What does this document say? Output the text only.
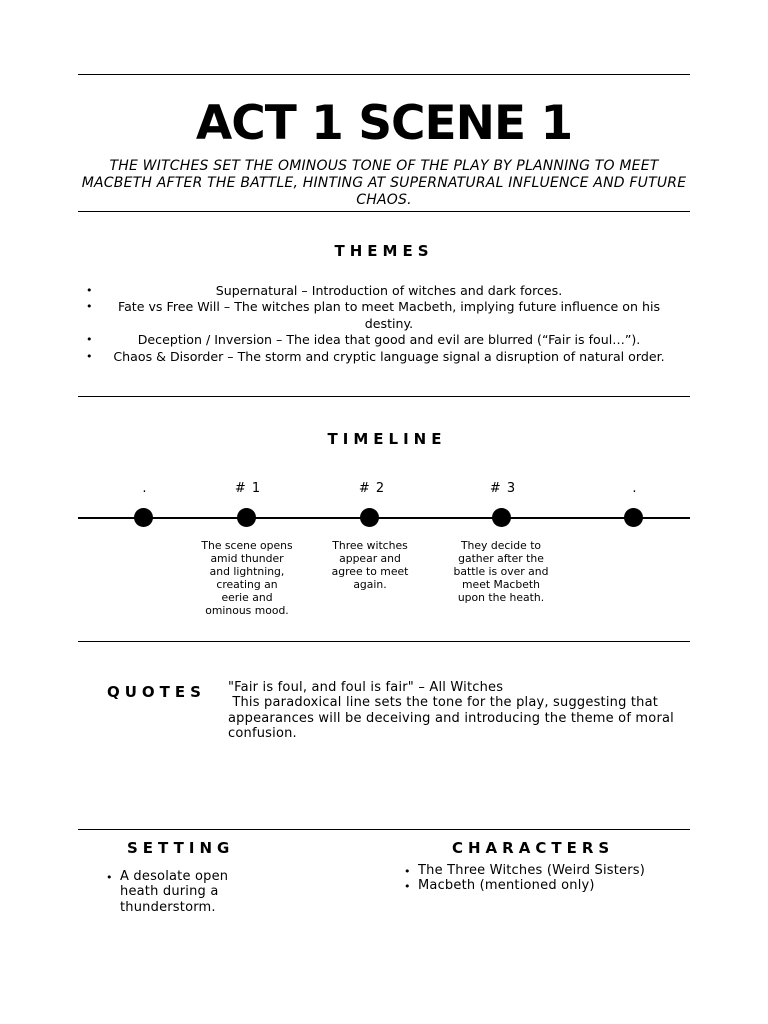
ACT 1 SCENE 1

THE WITCHES SET THE OMINOUS TONE OF THE PLAY BY PLANNING TO MEET MACBETH AFTER THE BATTLE, HINTING AT SUPERNATURAL INFLUENCE AND FUTURE CHAOS.

THEMES
• Supernatural – Introduction of witches and dark forces.
• Fate vs Free Will – The witches plan to meet Macbeth, implying future influence on his destiny.
• Deception / Inversion – The idea that good and evil are blurred (“Fair is foul…”).
• Chaos & Disorder – The storm and cryptic language signal a disruption of natural order.
TIMELINE
.	# 1	# 2	# 3	.
The scene opens amid thunder and lightning, creating an eerie and ominous mood.
Three witches appear and agree to meet again.
They decide to gather after the battle is over and meet Macbeth upon the heath.
QUOTES "Fair is foul, and foul is fair" – All Witches
This paradoxical line sets the tone for the play, suggesting that appearances will be deceiving and introducing the theme of moral confusion.
SETTING
• A desolate open heath during a thunderstorm.
CHARACTERS
• The Three Witches (Weird Sisters)
• Macbeth (mentioned only)
